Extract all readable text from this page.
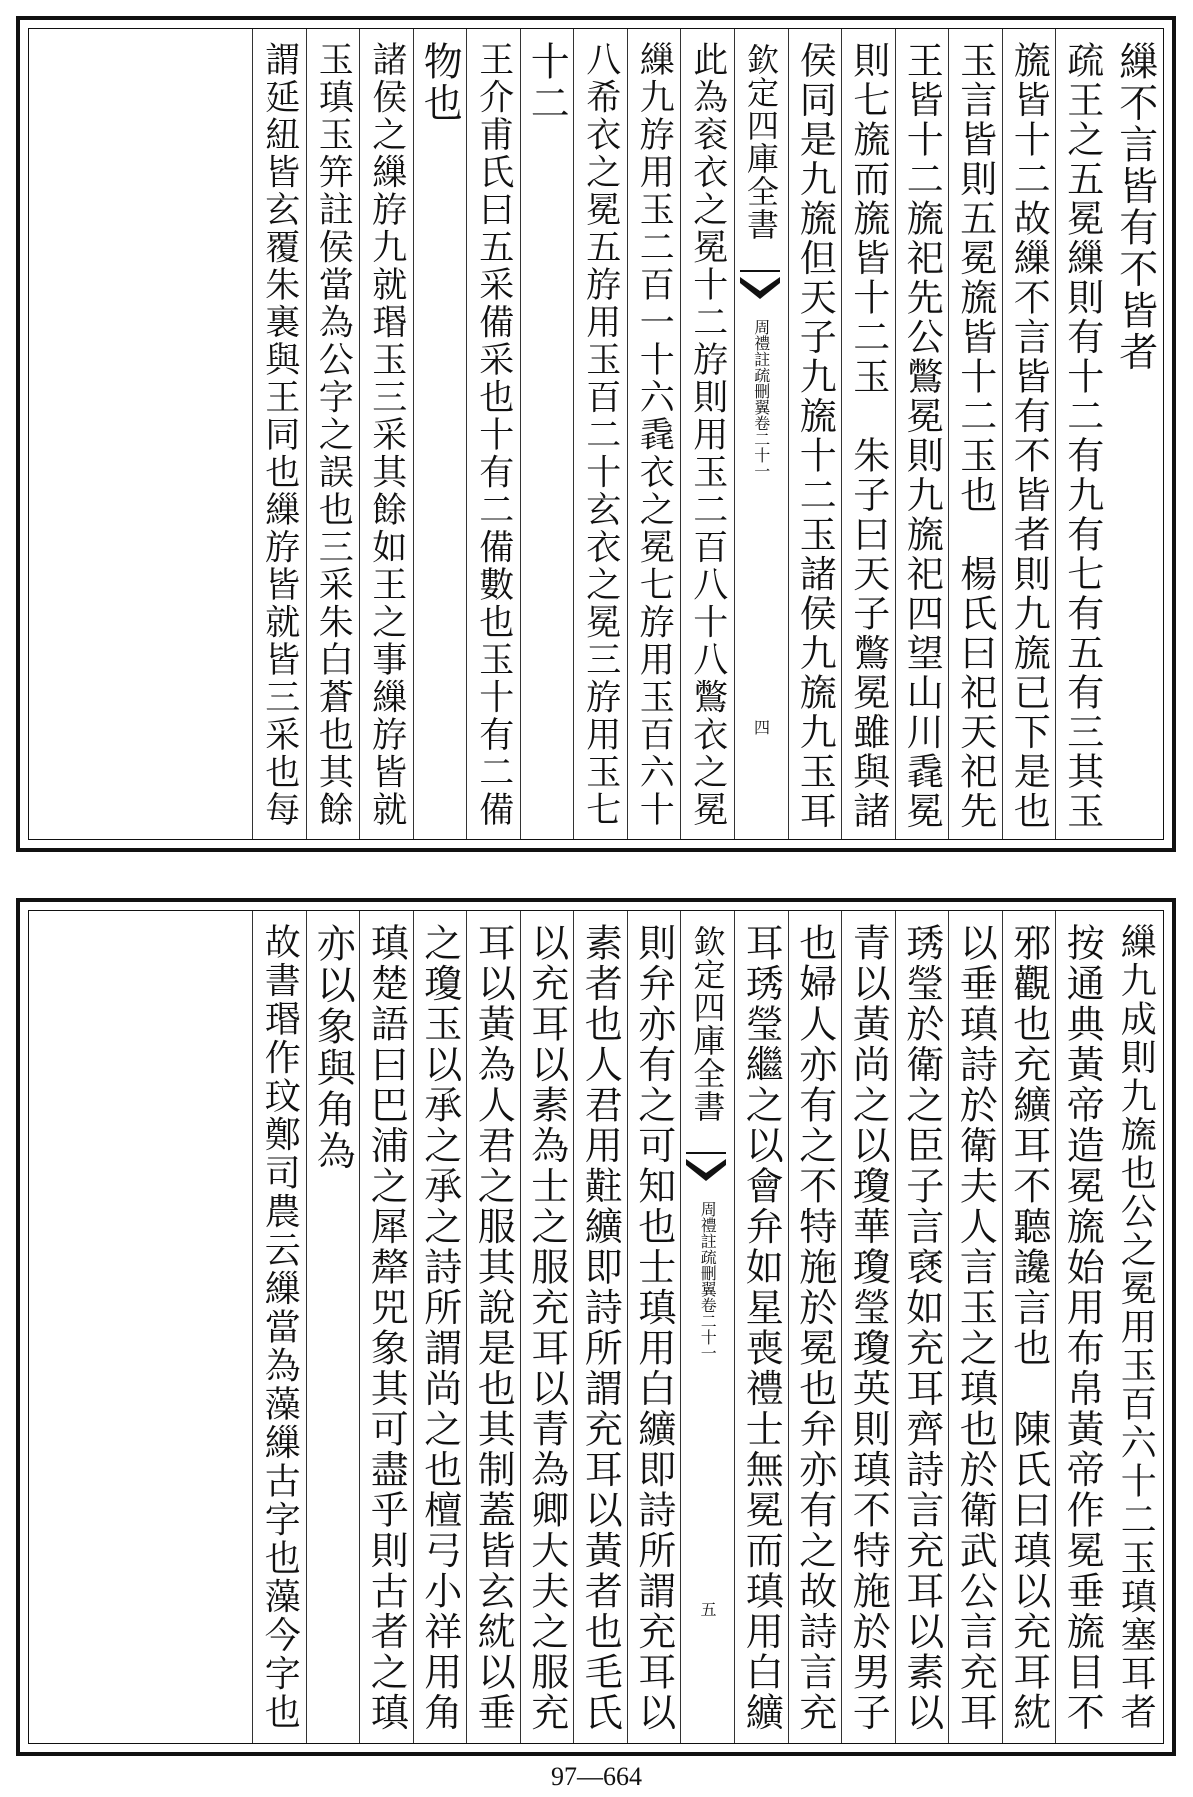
繅不言皆有不皆者
疏王之五冕繅則有十二有九有七有五有三其玉
旒皆十二故繅不言皆有不皆者則九旒已下是也
玉言皆則五冕旒皆十二玉也　楊氏曰祀天祀先
王皆十二旒祀先公鷩冕則九旒祀四望山川毳冕
則七旒而旒皆十二玉　朱子曰天子鷩冕雖與諸
侯同是九旒但天子九旒十二玉諸侯九旒九玉耳
此為衮衣之冕十二斿則用玉二百八十八鷩衣之冕
繅九斿用玉二百一十六毳衣之冕七斿用玉百六十
八希衣之冕五斿用玉百二十玄衣之冕三斿用玉七
十二
王介甫氏曰五采備采也十有二備數也玉十有二備
物也
諸侯之繅斿九就瑉玉三采其餘如王之事繅斿皆就
玉瑱玉笄註侯當為公字之誤也三采朱白蒼也其餘
謂延紐皆玄覆朱裏與王同也繅斿皆就皆三采也每	欽定四庫全書
周禮註疏刪翼
卷二十一
四
繅九成則九旒也公之冕用玉百六十二玉瑱塞耳者
按通典黃帝造冕旒始用布帛黃帝作冕垂旒目不
邪觀也充纊耳不聽讒言也　陳氏曰瑱以充耳紞
以垂瑱詩於衛夫人言玉之瑱也於衛武公言充耳
琇瑩於衛之臣子言褎如充耳齊詩言充耳以素以
青以黃尚之以瓊華瓊瑩瓊英則瑱不特施於男子
也婦人亦有之不特施於冕也弁亦有之故詩言充
耳琇瑩繼之以會弁如星喪禮士無冕而瑱用白纊
則弁亦有之可知也士瑱用白纊即詩所謂充耳以
素者也人君用黈纊即詩所謂充耳以黃者也毛氏
以充耳以素為士之服充耳以青為卿大夫之服充
耳以黃為人君之服其說是也其制蓋皆玄紞以垂
之瓊玉以承之承之詩所謂尚之也檀弓小祥用角
瑱楚語曰巴浦之犀犛兕象其可盡乎則古者之瑱
亦以象與角為
故書瑉作玟鄭司農云繅當為藻繅古字也藻今字也	欽定四庫全書
周禮註疏刪翼
卷二十一
五
97—664
